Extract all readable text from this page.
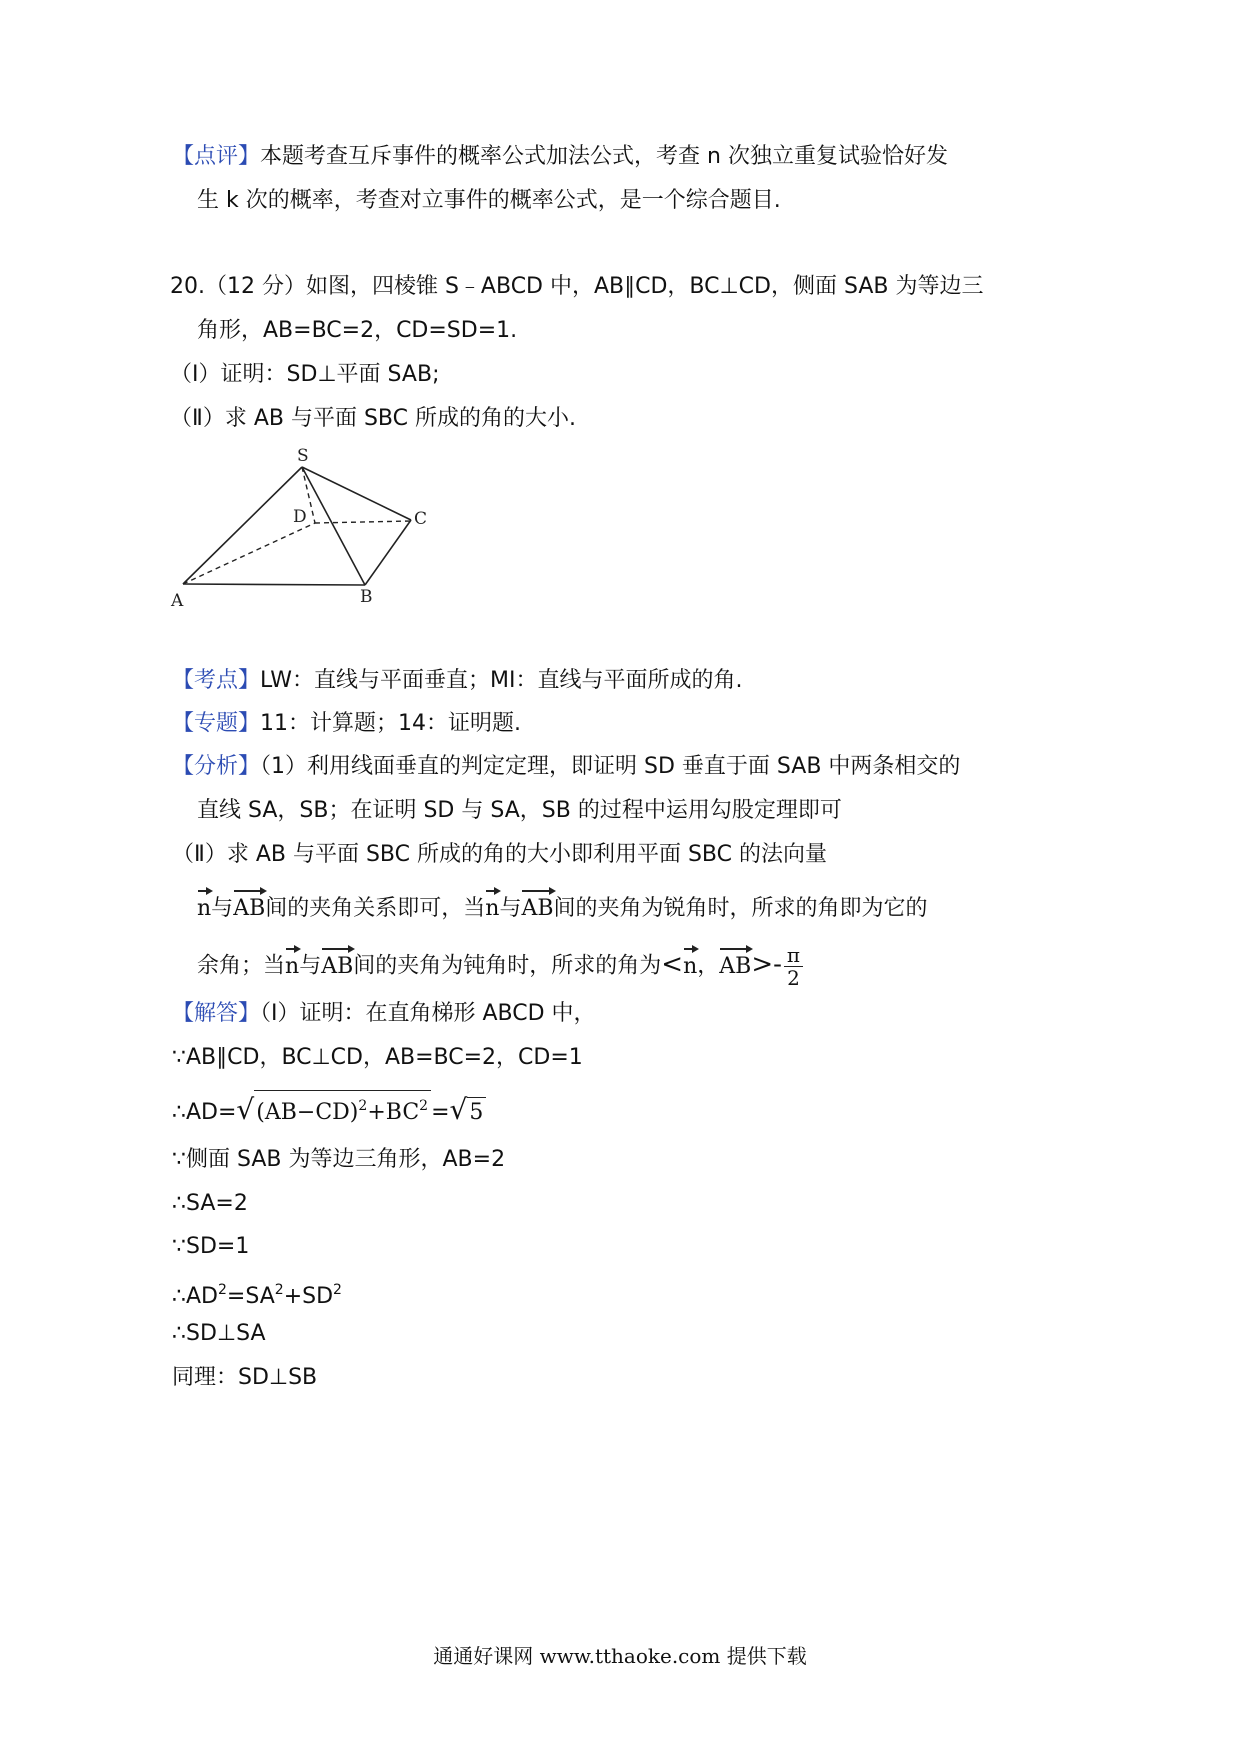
【点评】本题考查互斥事件的概率公式加法公式，考查 n 次独立重复试验恰好发
生 k 次的概率，考查对立事件的概率公式，是一个综合题目.
20.（12 分）如图，四棱锥 S﹣ABCD 中，AB∥CD，BC⊥CD，侧面 SAB 为等边三
角形，AB=BC=2，CD=SD=1.
（Ⅰ）证明：SD⊥平面 SAB;
（Ⅱ）求 AB 与平面 SBC 所成的角的大小.
S
D	C
A	B
【考点】LW：直线与平面垂直；MI：直线与平面所成的角.
【专题】11：计算题；14：证明题.
【分析】（1）利用线面垂直的判定定理，即证明 SD 垂直于面 SAB 中两条相交的
直线 SA，SB；在证明 SD 与 SA，SB 的过程中运用勾股定理即可
（Ⅱ）求 AB 与平面 SBC 所成的角的大小即利用平面 SBC 的法向量
n与AB间的夹角关系即可，当n与AB间的夹角为锐角时，所求的角即为它的
余角；当n与AB间的夹角为钝角时，所求的角为<n，$AB>- \frac{\pi}{2}$
【解答】（Ⅰ）证明：在直角梯形 ABCD 中，
∵AB∥CD，BC⊥CD，AB=BC=2，CD=1
$\therefore AD=√(AB-CD)^2+BC^2 =√5$
∵侧面 SAB 为等边三角形，AB=2
∴SA=2
∵SD=1
$\therefore AD^2=SA^2+SD^2$
∴SD⊥SA
同理：SD⊥SB
通通好课网 www.tthaoke.com 提供下载
